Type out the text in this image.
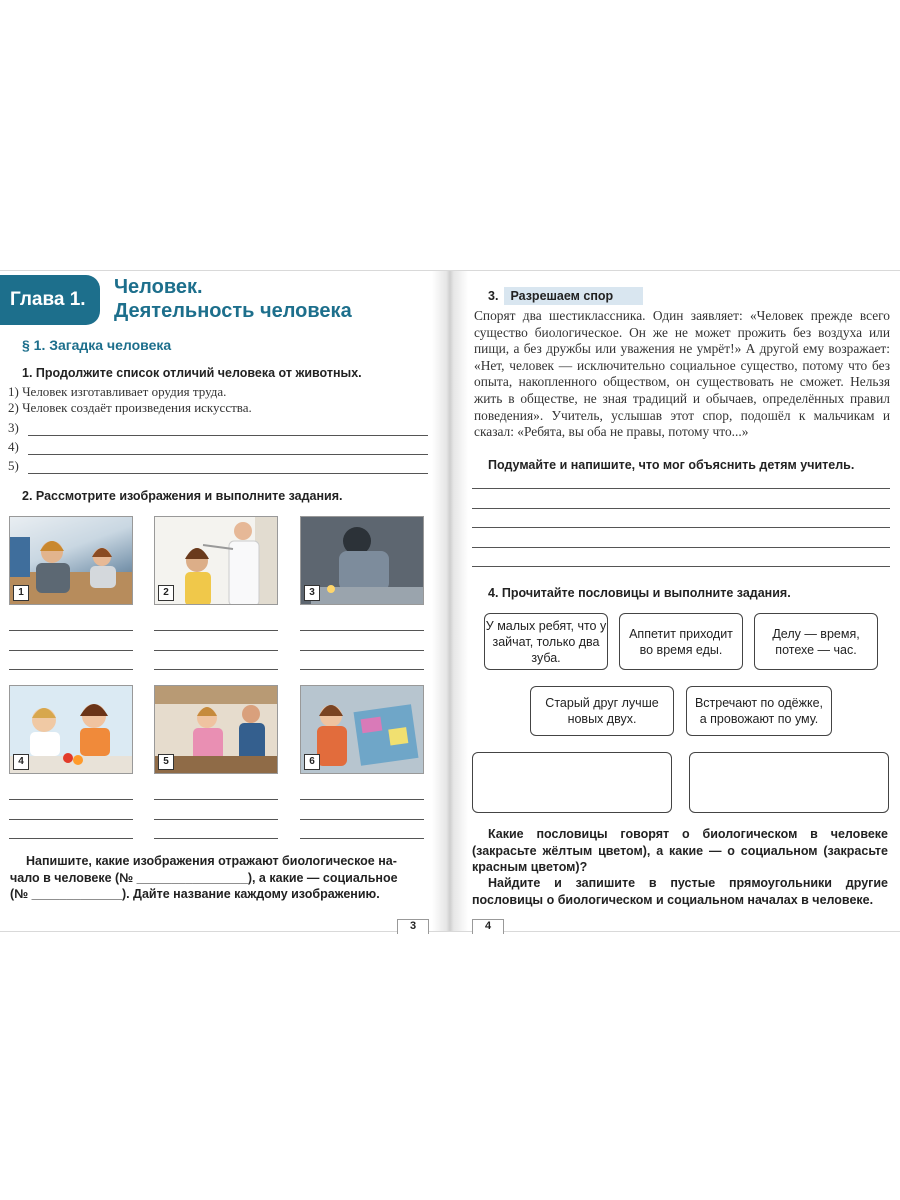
Глава 1.
Человек.
Деятельность человека
§ 1. Загадка человека
1. Продолжите список отличий человека от животных.
1) Человек изготавливает орудия труда.
2) Человек создаёт произведения искусства.
3)
4)
5)
2. Рассмотрите изображения и выполните задания.
1	2	3
4	5	6
Напишите, какие изображения отражают биологическое на-
чало в человеке (№ ________________), а какие — социальное
(№ _____________). Дайте название каждому изображению.
3
3. Разрешаем спор
Спорят два шестиклассника. Один заявляет: «Человек прежде всего существо биологическое. Он же не может прожить без воздуха или пищи, а без дружбы или уважения не умрёт!» А другой ему возражает: «Нет, человек — исключительно социальное существо, потому что без опыта, накопленного обществом, он существовать не сможет. Нельзя жить в обществе, не зная традиций и обычаев, определённых правил поведения». Учитель, услышав этот спор, подошёл к мальчикам и сказал: «Ребята, вы оба не правы, потому что...»
Подумайте и напишите, что мог объяснить детям учитель.
4. Прочитайте пословицы и выполните задания.
У малых ребят, что у зайчат, только два зуба.
Аппетит приходит во время еды.
Делу — время, потехе — час.
Старый друг лучше новых двух.
Встречают по одёжке, а провожают по уму.
Какие пословицы говорят о биологическом в человеке (закрасьте жёлтым цветом), а какие — о социальном (закрасьте красным цветом)?
Найдите и запишите в пустые прямоугольники другие пословицы о биологическом и социальном началах в человеке.
4
